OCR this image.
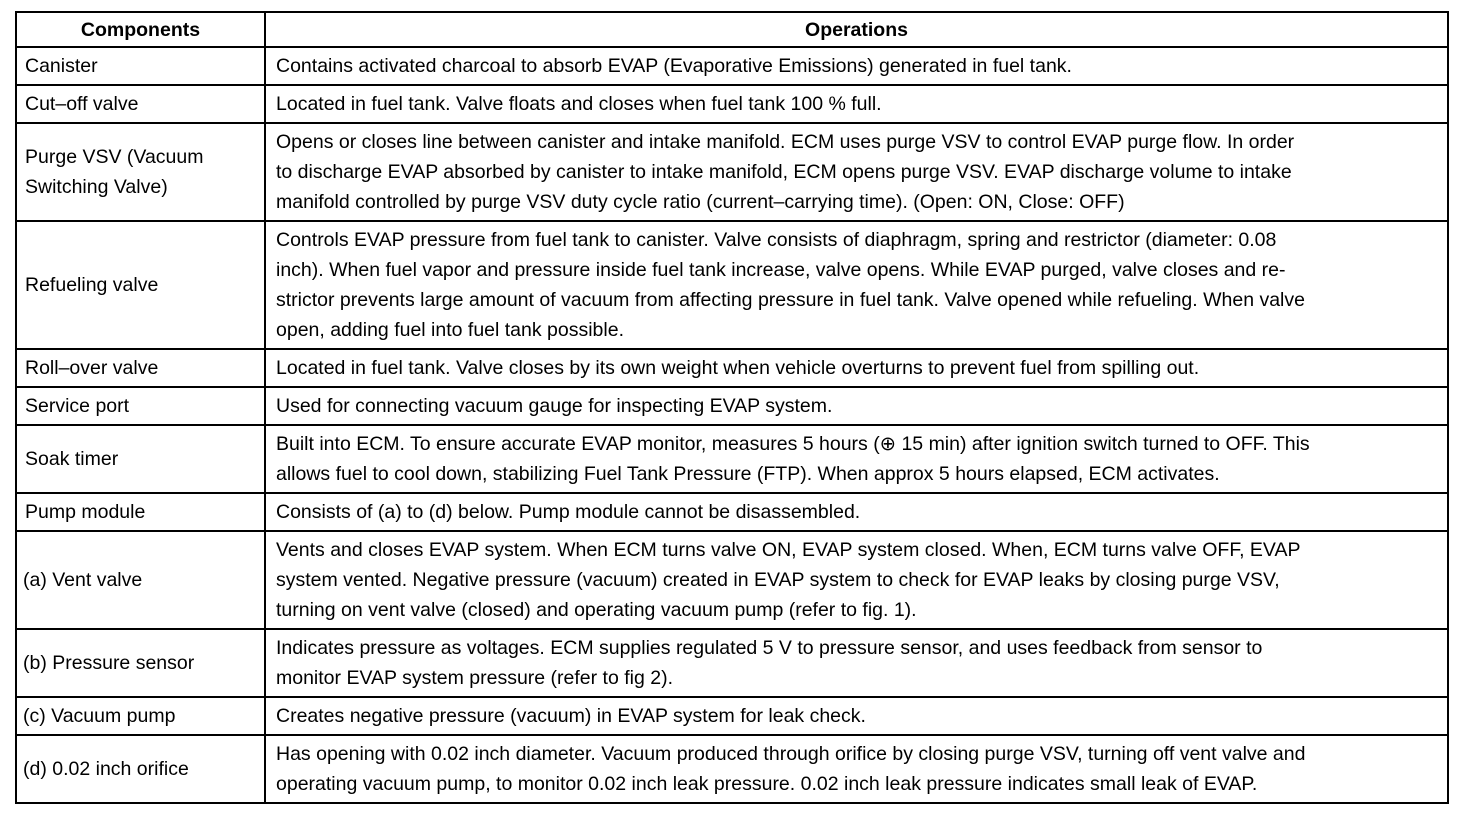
Components	Operations

Canister	Contains activated charcoal to absorb EVAP (Evaporative Emissions) generated in fuel tank.

Cut–off valve	Located in fuel tank. Valve floats and closes when fuel tank 100 % full.

Purge VSV (Vacuum
Switching Valve)	Opens or closes line between canister and intake manifold. ECM uses purge VSV to control EVAP purge flow. In order
to discharge EVAP absorbed by canister to intake manifold, ECM opens purge VSV. EVAP discharge volume to intake
manifold controlled by purge VSV duty cycle ratio (current–carrying time). (Open: ON, Close: OFF)

Refueling valve	Controls EVAP pressure from fuel tank to canister. Valve consists of diaphragm, spring and restrictor (diameter: 0.08
inch). When fuel vapor and pressure inside fuel tank increase, valve opens. While EVAP purged, valve closes and re-
strictor prevents large amount of vacuum from affecting pressure in fuel tank. Valve opened while refueling. When valve
open, adding fuel into fuel tank possible.

Roll–over valve	Located in fuel tank. Valve closes by its own weight when vehicle overturns to prevent fuel from spilling out.

Service port	Used for connecting vacuum gauge for inspecting EVAP system.

Soak timer	Built into ECM. To ensure accurate EVAP monitor, measures 5 hours (⊕ 15 min) after ignition switch turned to OFF. This
allows fuel to cool down, stabilizing Fuel Tank Pressure (FTP). When approx 5 hours elapsed, ECM activates.

Pump module	Consists of (a) to (d) below. Pump module cannot be disassembled.

(a) Vent valve	Vents and closes EVAP system. When ECM turns valve ON, EVAP system closed. When, ECM turns valve OFF, EVAP
system vented. Negative pressure (vacuum) created in EVAP system to check for EVAP leaks by closing purge VSV,
turning on vent valve (closed) and operating vacuum pump (refer to fig. 1).

(b) Pressure sensor	Indicates pressure as voltages. ECM supplies regulated 5 V to pressure sensor, and uses feedback from sensor to
monitor EVAP system pressure (refer to fig 2).

(c) Vacuum pump	Creates negative pressure (vacuum) in EVAP system for leak check.

(d) 0.02 inch orifice	Has opening with 0.02 inch diameter. Vacuum produced through orifice by closing purge VSV, turning off vent valve and
operating vacuum pump, to monitor 0.02 inch leak pressure. 0.02 inch leak pressure indicates small leak of EVAP.
